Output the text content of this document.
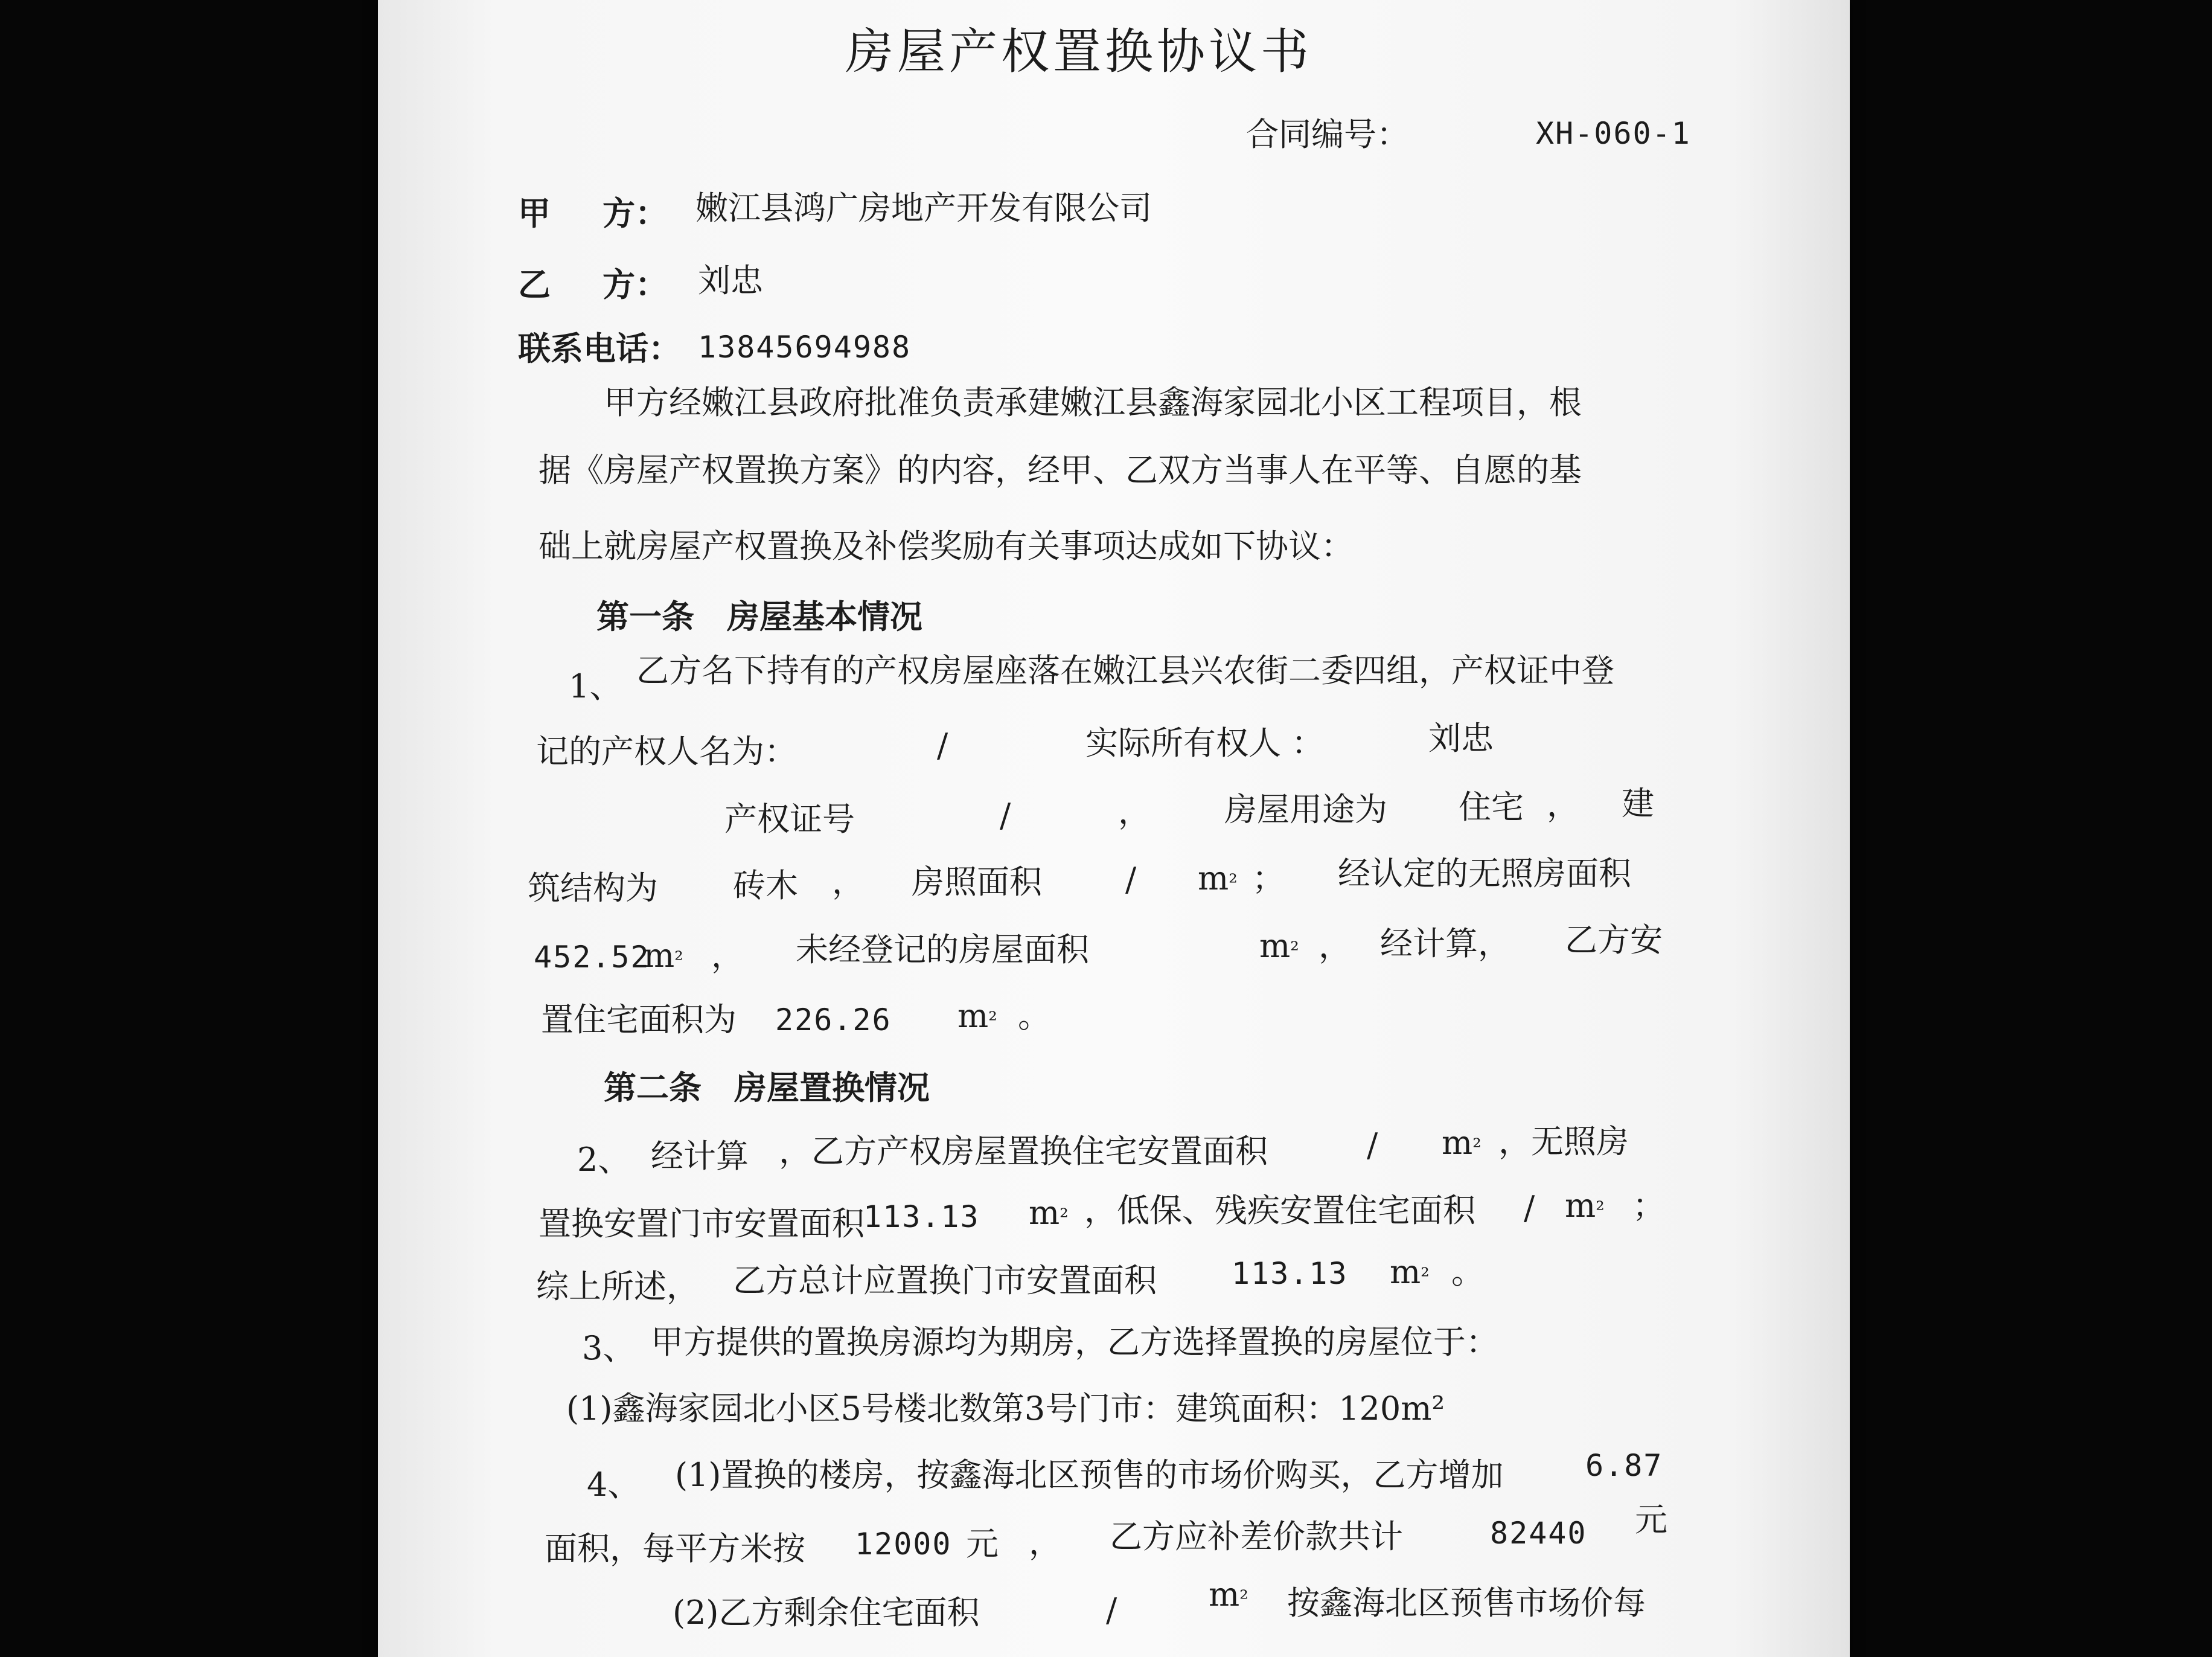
房屋产权置换协议书
合同编号：	XH-060-1
甲 方： 嫩江县鸿广房地产开发有限公司
乙 方： 刘忠
联系电话： 13845694988
甲方经嫩江县政府批准负责承建嫩江县鑫海家园北小区工程项目，根
据《房屋产权置换方案》的内容，经甲、乙双方当事人在平等、自愿的基
础上就房屋产权置换及补偿奖励有关事项达成如下协议：
第一条　房屋基本情况
1、 乙方名下持有的产权房屋座落在嫩江县兴农街二委四组，产权证中登
记的产权人名为：	/	实际所有权人 ：	刘忠
产权证号	/	， 房屋用途为 住宅 ， 建
筑结构为 砖木 ， 房照面积	/ m² ； 经认定的无照房面积
452.52
m² ， 未经登记的房屋面积	m² ， 经计算， 乙方安
置住宅面积为 226.26 m² 。
第二条　房屋置换情况
2、 经计算 ，乙方产权房屋置换住宅安置面积	/ m² ，无照房
置换安置门市安置面积
113.13 m² ，低保、残疾安置住宅面积 / m² ；
综上所述， 乙方总计应置换门市安置面积 113.13 m² 。
3、 甲方提供的置换房源均为期房，乙方选择置换的房屋位于：
(1)鑫海家园北小区5号楼北数第3号门市：建筑面积：120m²
4、 (1)置换的楼房，按鑫海北区预售的市场价购买，乙方增加	6.87
面积，每平方米按 12000 元 ， 乙方应补差价款共计	82440 元
(2)乙方剩余住宅面积	/	m² 按鑫海北区预售市场价每
